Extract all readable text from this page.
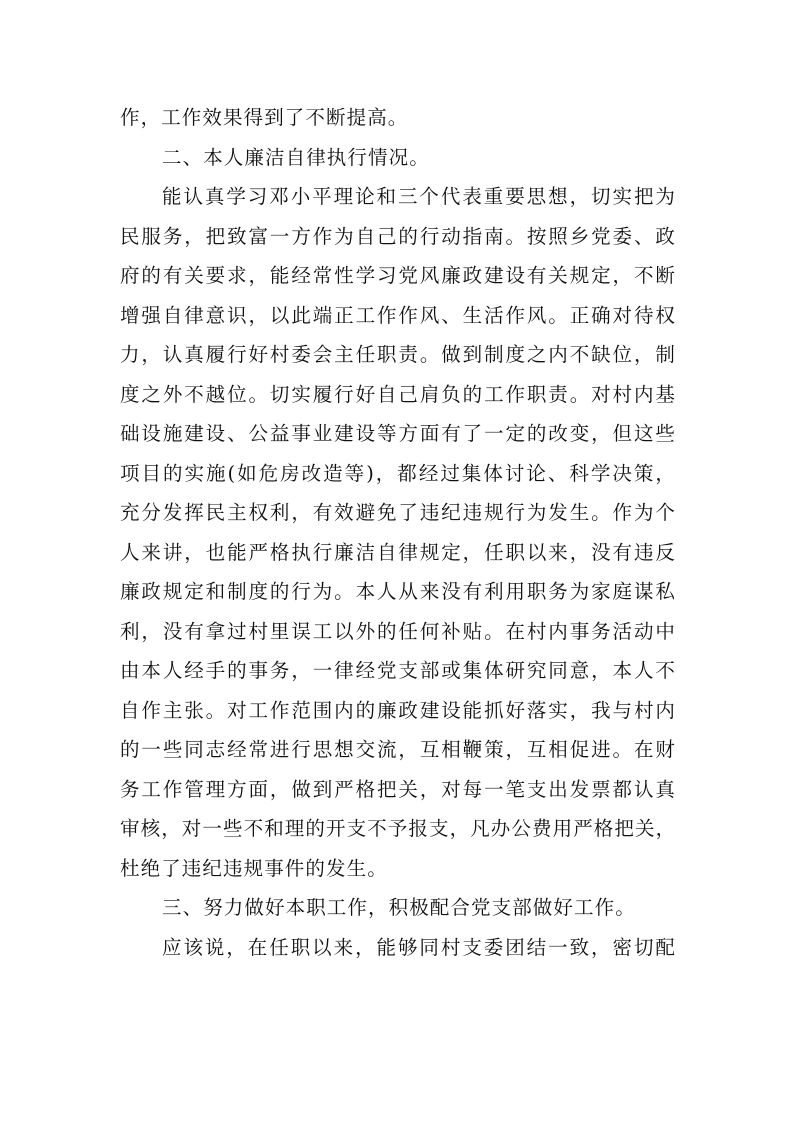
作，工作效果得到了不断提高。

二、本人廉洁自律执行情况。

能认真学习邓小平理论和三个代表重要思想，切实把为
民服务，把致富一方作为自己的行动指南。按照乡党委、政
府的有关要求，能经常性学习党风廉政建设有关规定，不断
增强自律意识，以此端正工作作风、生活作风。正确对待权
力，认真履行好村委会主任职责。做到制度之内不缺位，制
度之外不越位。切实履行好自己肩负的工作职责。对村内基
础设施建设、公益事业建设等方面有了一定的改变，但这些
项目的实施(如危房改造等)，都经过集体讨论、科学决策，
充分发挥民主权利，有效避免了违纪违规行为发生。作为个
人来讲，也能严格执行廉洁自律规定，任职以来，没有违反
廉政规定和制度的行为。本人从来没有利用职务为家庭谋私
利，没有拿过村里误工以外的任何补贴。在村内事务活动中
由本人经手的事务，一律经党支部或集体研究同意，本人不
自作主张。对工作范围内的廉政建设能抓好落实，我与村内
的一些同志经常进行思想交流，互相鞭策，互相促进。在财
务工作管理方面，做到严格把关，对每一笔支出发票都认真
审核，对一些不和理的开支不予报支，凡办公费用严格把关，
杜绝了违纪违规事件的发生。

三、努力做好本职工作，积极配合党支部做好工作。

应该说，在任职以来，能够同村支委团结一致，密切配
